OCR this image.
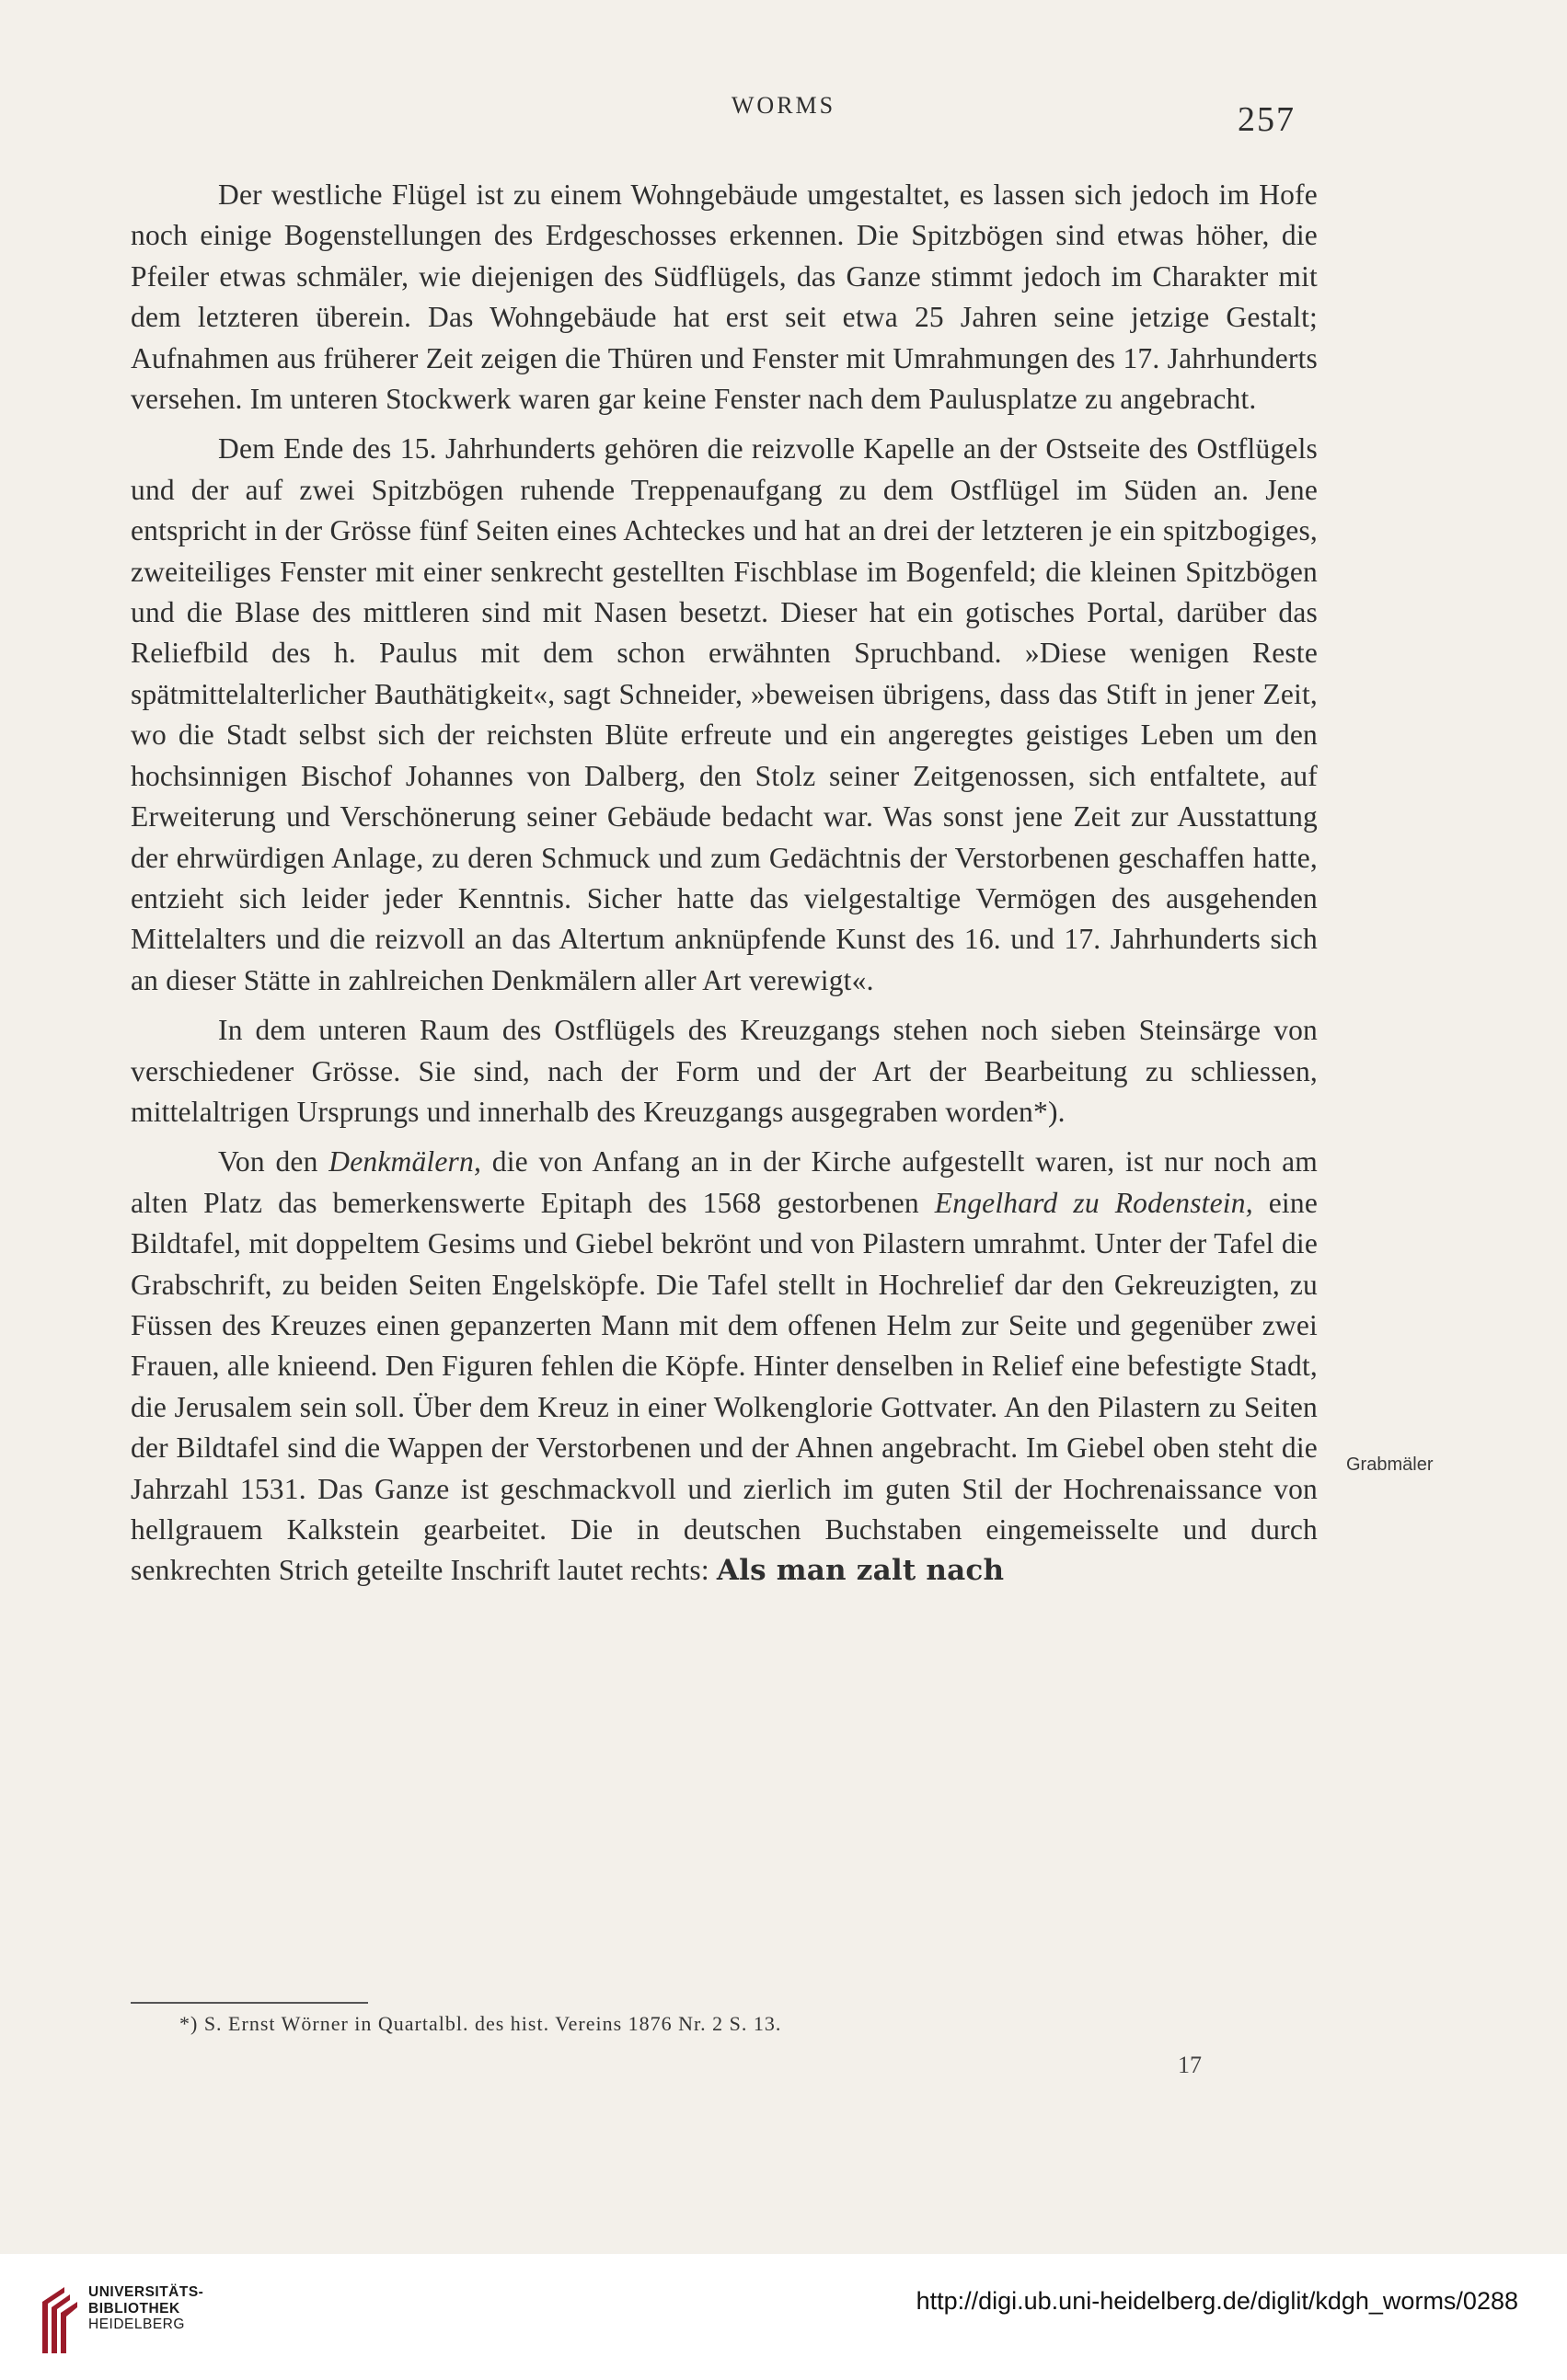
WORMS	257

Der westliche Flügel ist zu einem Wohngebäude umgestaltet, es lassen sich jedoch im Hofe noch einige Bogenstellungen des Erdgeschosses erkennen. Die Spitzbögen sind etwas höher, die Pfeiler etwas schmäler, wie diejenigen des Südflügels, das Ganze stimmt jedoch im Charakter mit dem letzteren überein. Das Wohngebäude hat erst seit etwa 25 Jahren seine jetzige Gestalt; Aufnahmen aus früherer Zeit zeigen die Thüren und Fenster mit Umrahmungen des 17. Jahrhunderts versehen. Im unteren Stockwerk waren gar keine Fenster nach dem Paulusplatze zu angebracht.

Dem Ende des 15. Jahrhunderts gehören die reizvolle Kapelle an der Ostseite des Ostflügels und der auf zwei Spitzbögen ruhende Treppenaufgang zu dem Ostflügel im Süden an. Jene entspricht in der Grösse fünf Seiten eines Achteckes und hat an drei der letzteren je ein spitzbogiges, zweiteiliges Fenster mit einer senkrecht gestellten Fischblase im Bogenfeld; die kleinen Spitzbögen und die Blase des mittleren sind mit Nasen besetzt. Dieser hat ein gotisches Portal, darüber das Reliefbild des h. Paulus mit dem schon erwähnten Spruchband. »Diese wenigen Reste spätmittelalterlicher Bauthätigkeit«, sagt Schneider, »beweisen übrigens, dass das Stift in jener Zeit, wo die Stadt selbst sich der reichsten Blüte erfreute und ein angeregtes geistiges Leben um den hochsinnigen Bischof Johannes von Dalberg, den Stolz seiner Zeitgenossen, sich entfaltete, auf Erweiterung und Verschönerung seiner Gebäude bedacht war. Was sonst jene Zeit zur Ausstattung der ehrwürdigen Anlage, zu deren Schmuck und zum Gedächtnis der Verstorbenen geschaffen hatte, entzieht sich leider jeder Kenntnis. Sicher hatte das vielgestaltige Vermögen des ausgehenden Mittelalters und die reizvoll an das Altertum anknüpfende Kunst des 16. und 17. Jahrhunderts sich an dieser Stätte in zahlreichen Denkmälern aller Art verewigt«.

In dem unteren Raum des Ostflügels des Kreuzgangs stehen noch sieben Steinsärge von verschiedener Grösse. Sie sind, nach der Form und der Art der Bearbeitung zu schliessen, mittelaltrigen Ursprungs und innerhalb des Kreuzgangs ausgegraben worden*).

Von den Denkmälern, die von Anfang an in der Kirche aufgestellt waren, ist nur noch am alten Platz das bemerkenswerte Epitaph des 1568 gestorbenen Engelhard zu Rodenstein, eine Bildtafel, mit doppeltem Gesims und Giebel bekrönt und von Pilastern umrahmt. Unter der Tafel die Grabschrift, zu beiden Seiten Engelsköpfe. Die Tafel stellt in Hochrelief dar den Gekreuzigten, zu Füssen des Kreuzes einen gepanzerten Mann mit dem offenen Helm zur Seite und gegenüber zwei Frauen, alle knieend. Den Figuren fehlen die Köpfe. Hinter denselben in Relief eine befestigte Stadt, die Jerusalem sein soll. Über dem Kreuz in einer Wolkenglorie Gottvater. An den Pilastern zu Seiten der Bildtafel sind die Wappen der Verstorbenen und der Ahnen angebracht. Im Giebel oben steht die Jahrzahl 1531. Das Ganze ist geschmackvoll und zierlich im guten Stil der Hochrenaissance von hellgrauem Kalkstein gearbeitet. Die in deutschen Buchstaben eingemeisselte und durch senkrechten Strich geteilte Inschrift lautet rechts: Als man zalt nach

Grabmäler
*) S. Ernst Wörner in Quartalbl. des hist. Vereins 1876 Nr. 2 S. 13.
17
UNIVERSITÄTS-
BIBLIOTHEK
HEIDELBERG
http://digi.ub.uni-heidelberg.de/diglit/kdgh_worms/0288
